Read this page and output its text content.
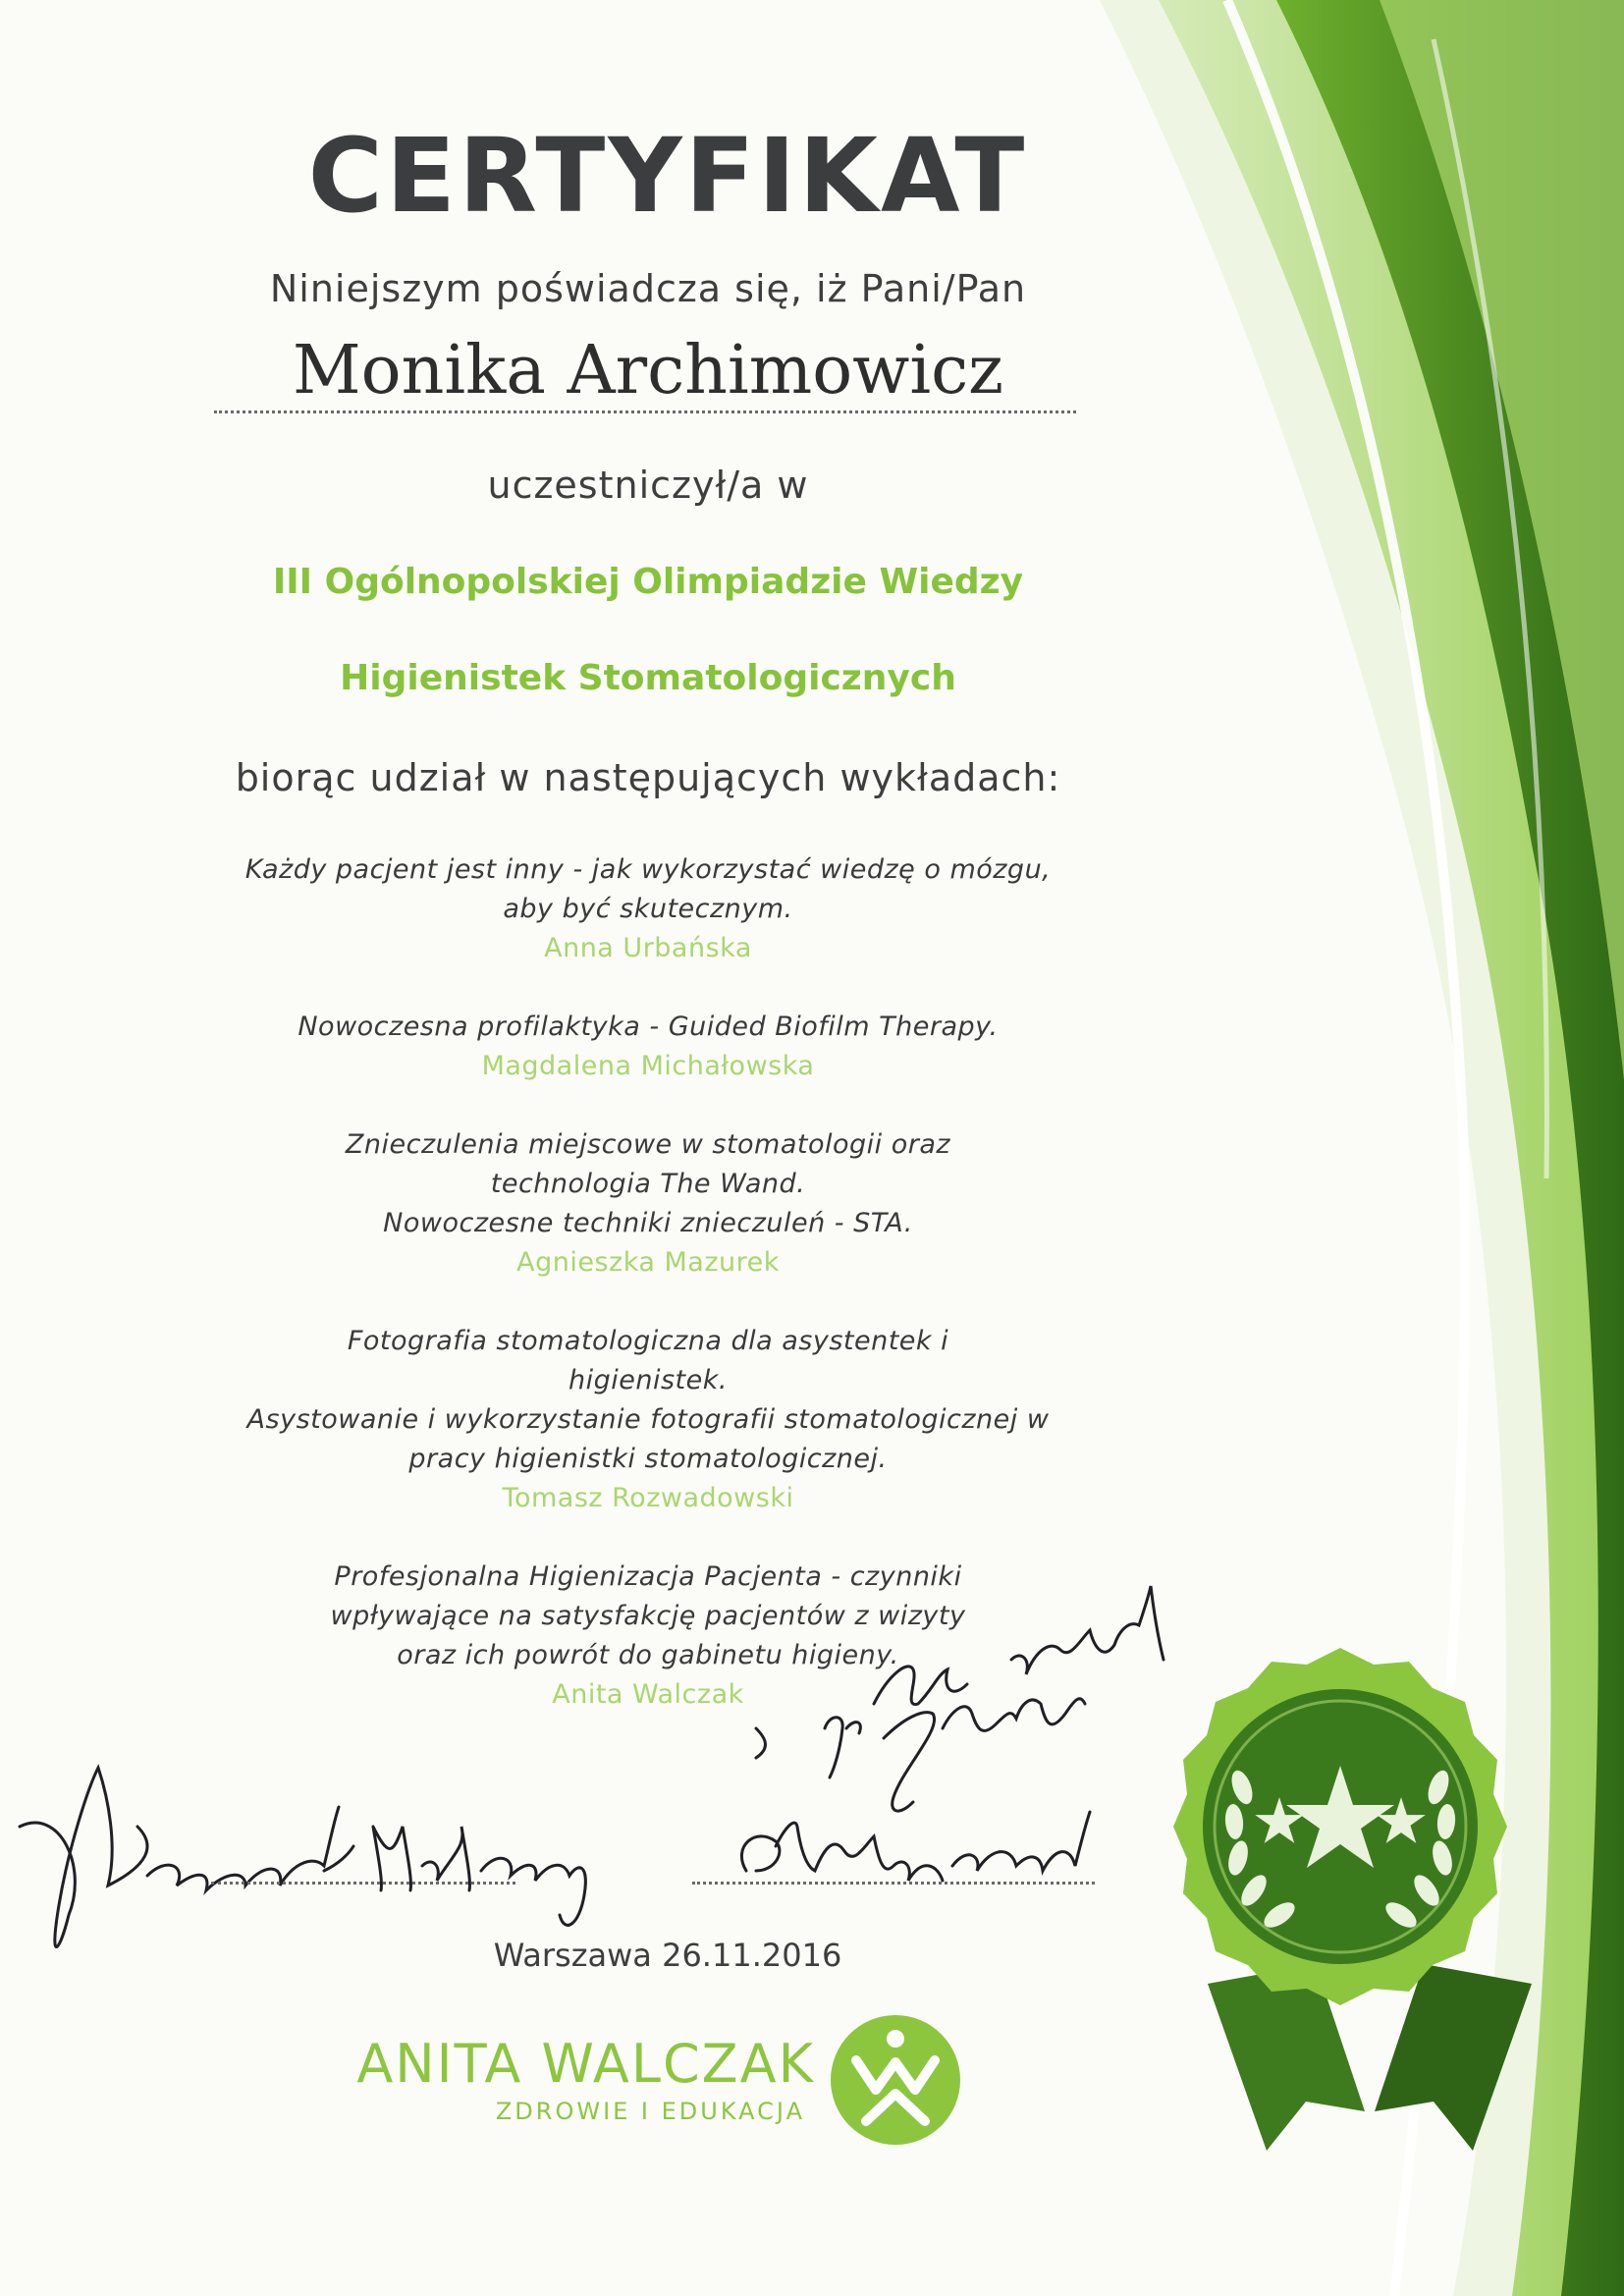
CERTYFIKAT
Niniejszym poświadcza się, iż Pani/Pan
Monika Archimowicz
uczestniczył/a w
III Ogólnopolskiej Olimpiadzie Wiedzy
Higienistek Stomatologicznych
biorąc udział w następujących wykładach:
Każdy pacjent jest inny - jak wykorzystać wiedzę o mózgu,
aby być skutecznym.
Anna Urbańska
Nowoczesna profilaktyka - Guided Biofilm Therapy.
Magdalena Michałowska
Znieczulenia miejscowe w stomatologii oraz
technologia The Wand.
Nowoczesne techniki znieczuleń - STA.
Agnieszka Mazurek
Fotografia stomatologiczna dla asystentek i
higienistek.
Asystowanie i wykorzystanie fotografii stomatologicznej w
pracy higienistki stomatologicznej.
Tomasz Rozwadowski
Profesjonalna Higienizacja Pacjenta - czynniki
wpływające na satysfakcję pacjentów z wizyty
oraz ich powrót do gabinetu higieny.
Anita Walczak
Warszawa 26.11.2016
ANITA WALCZAK
ZDROWIE I EDUKACJA
